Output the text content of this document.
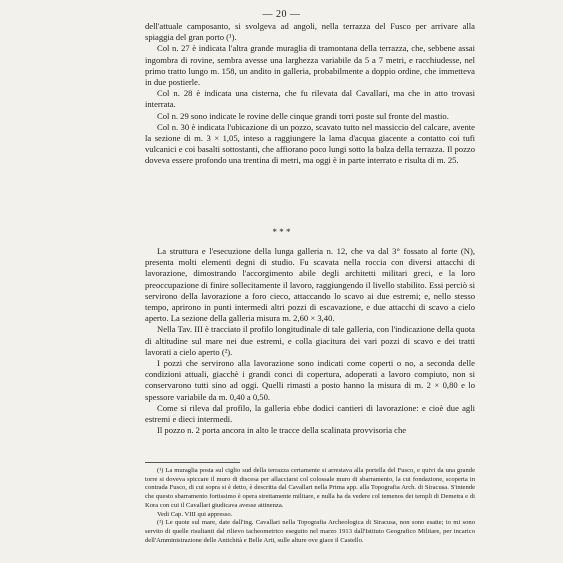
— 20 —

dell'attuale camposanto, si svolgeva ad angoli, nella terrazza del Fusco per arrivare alla spiaggia del gran porto (¹).

Col n. 27 è indicata l'altra grande muraglia di tramontana della terrazza, che, sebbene assai ingombra di rovine, sembra avesse una larghezza variabile da 5 a 7 metri, e racchiudesse, nel primo tratto lungo m. 158, un andito in galleria, probabilmente a doppio ordine, che immetteva in due postierle.

Col n. 28 è indicata una cisterna, che fu rilevata dal Cavallari, ma che in atto trovasi interrata.

Col n. 29 sono indicate le rovine delle cinque grandi torri poste sul fronte del mastio.

Col n. 30 è indicata l'ubicazione di un pozzo, scavato tutto nel massiccio del calcare, avente la sezione di m. 3 × 1,05, inteso a raggiungere la lama d'acqua giacente a contatto coi tufi vulcanici e coi basalti sottostanti, che affiorano poco lungi sotto la balza della terrazza. Il pozzo doveva essere profondo una trentina di metri, ma oggi è in parte interrato e risulta di m. 25.

* * *

La struttura e l'esecuzione della lunga galleria n. 12, che va dal 3° fossato al forte (N), presenta molti elementi degni di studio. Fu scavata nella roccia con diversi attacchi di lavorazione, dimostrando l'accorgimento abile degli architetti militari greci, e la loro preoccupazione di finire sollecitamente il lavoro, raggiungendo il livello stabilito. Essi perciò si servirono della lavorazione a foro cieco, attaccando lo scavo ai due estremi; e, nello stesso tempo, aprirono in punti intermedi altri pozzi di escavazione, e due attacchi di scavo a cielo aperto. La sezione della galleria misura m. 2,60 × 3,40.

Nella Tav. III è tracciato il profilo longitudinale di tale galleria, con l'indicazione della quota di altitudine sul mare nei due estremi, e colla giacitura dei vari pozzi di scavo e dei tratti lavorati a cielo aperto (²).

I pozzi che servirono alla lavorazione sono indicati come coperti o no, a seconda delle condizioni attuali, giacchè i grandi conci di copertura, adoperati a lavoro compiuto, non si conservarono tutti sino ad oggi. Quelli rimasti a posto hanno la misura di m. 2 × 0,80 e lo spessore variabile da m. 0,40 a 0,50.

Come si rileva dal profilo, la galleria ebbe dodici cantieri di lavorazione: e cioè due agli estremi e dieci intermedi.

Il pozzo n. 2 porta ancora in alto le tracce della scalinata provvisoria che

(¹) La muraglia posta sul ciglio sud della terrazza certamente si arrestava alla portella del Fusco, e quivi da una grande torre si doveva spiccare il muro di discesa per allacciarsi col colossale muro di sbarramento, la cui fondazione, scoperta in contrada Fusco, di cui sopra si è detto, è descritta dal Cavallari nella Prima app. alla Topografia Arch. di Siracusa. S'intende che questo sbarramento fortissimo è opera strettamente militare, e nulla ha da vedere col temenos dei templi di Demetra e di Kora con cui il Cavallari giudicava avesse attinenza.

Vedi Cap. VIII qui appresso.

(²) Le quote sul mare, date dall'ing. Cavallari nella Topografia Archeologica di Siracusa, non sono esatte; io mi sono servito di quelle risultanti dal rilievo tacheometrico eseguito nel marzo 1913 dall'Istituto Geografico Militare, per incarico dell'Amministrazione delle Antichità e Belle Arti, sulle alture ove giace il Castello.
